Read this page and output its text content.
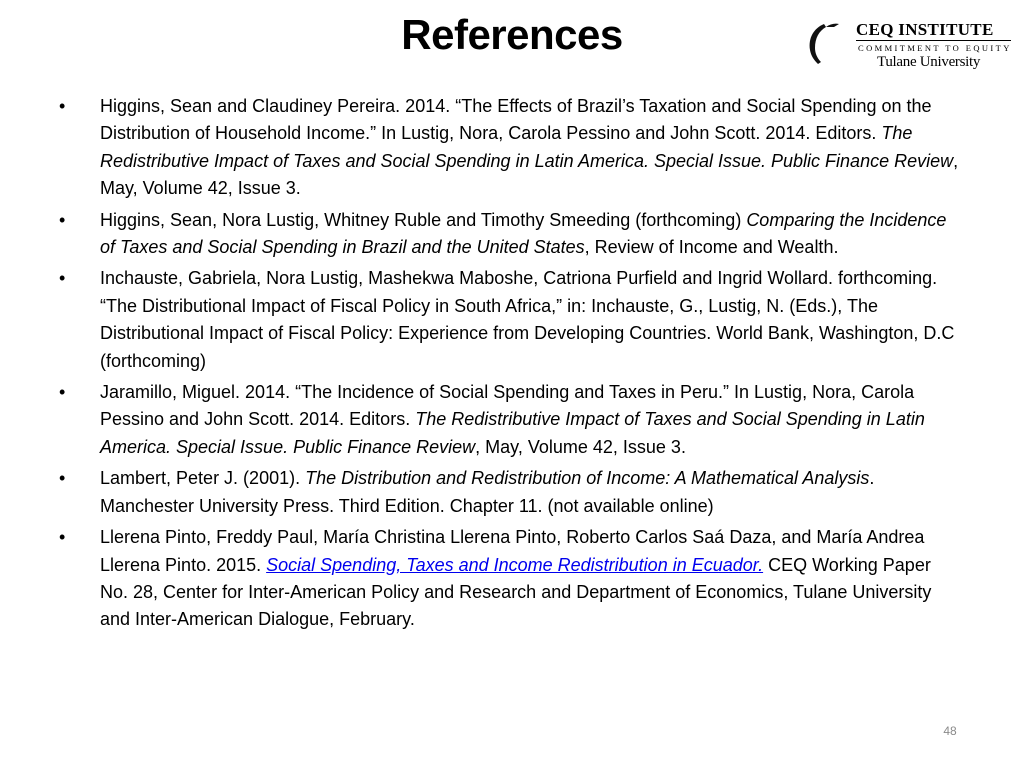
References	CEQ INSTITUTE
COMMITMENT TO EQUITY
Tulane University
• Higgins, Sean and Claudiney Pereira. 2014. “The Effects of Brazil’s Taxation and Social Spending on the Distribution of Household Income.” In Lustig, Nora, Carola Pessino and John Scott. 2014. Editors. The Redistributive Impact of Taxes and Social Spending in Latin America. Special Issue. Public Finance Review, May, Volume 42, Issue 3.
• Higgins, Sean, Nora Lustig, Whitney Ruble and Timothy Smeeding (forthcoming) Comparing the Incidence of Taxes and Social Spending in Brazil and the United States, Review of Income and Wealth.
• Inchauste, Gabriela, Nora Lustig, Mashekwa Maboshe, Catriona Purfield and Ingrid Wollard. forthcoming. “The Distributional Impact of Fiscal Policy in South Africa,” in: Inchauste, G., Lustig, N. (Eds.), The Distributional Impact of Fiscal Policy: Experience from Developing Countries. World Bank, Washington, D.C (forthcoming)
• Jaramillo, Miguel. 2014. “The Incidence of Social Spending and Taxes in Peru.” In Lustig, Nora, Carola Pessino and John Scott. 2014. Editors. The Redistributive Impact of Taxes and Social Spending in Latin America. Special Issue. Public Finance Review, May, Volume 42, Issue 3.
• Lambert, Peter J. (2001). The Distribution and Redistribution of Income: A Mathematical Analysis. Manchester University Press. Third Edition. Chapter 11. (not available online)
• Llerena Pinto, Freddy Paul, María Christina Llerena Pinto, Roberto Carlos Saá Daza, and María Andrea Llerena Pinto. 2015. Social Spending, Taxes and Income Redistribution in Ecuador. CEQ Working Paper No. 28, Center for Inter-American Policy and Research and Department of Economics, Tulane University and Inter-American Dialogue, February.
48
